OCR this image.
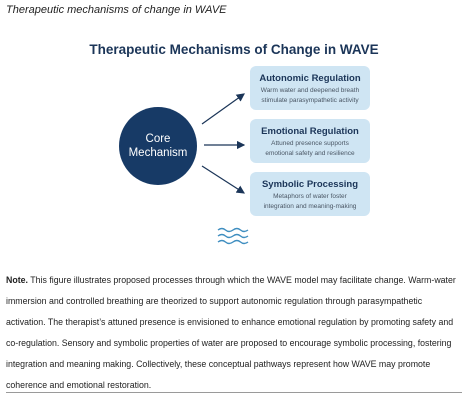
Therapeutic mechanisms of change in WAVE
Therapeutic Mechanisms of Change in WAVE
Core
Mechanism
Autonomic Regulation
Warm water and deepened breath
stimulate parasympathetic activity
Emotional Regulation
Attuned presence supports
emotional safety and resilience
Symbolic Processing
Metaphors of water foster
integration and meaning-making
Note. This figure illustrates proposed processes through which the WAVE model may facilitate change. Warm-water immersion and controlled breathing are theorized to support autonomic regulation through parasympathetic activation. The therapist’s attuned presence is envisioned to enhance emotional regulation by promoting safety and co-regulation. Sensory and symbolic properties of water are proposed to encourage symbolic processing, fostering integration and meaning making. Collectively, these conceptual pathways represent how WAVE may promote coherence and emotional restoration.
